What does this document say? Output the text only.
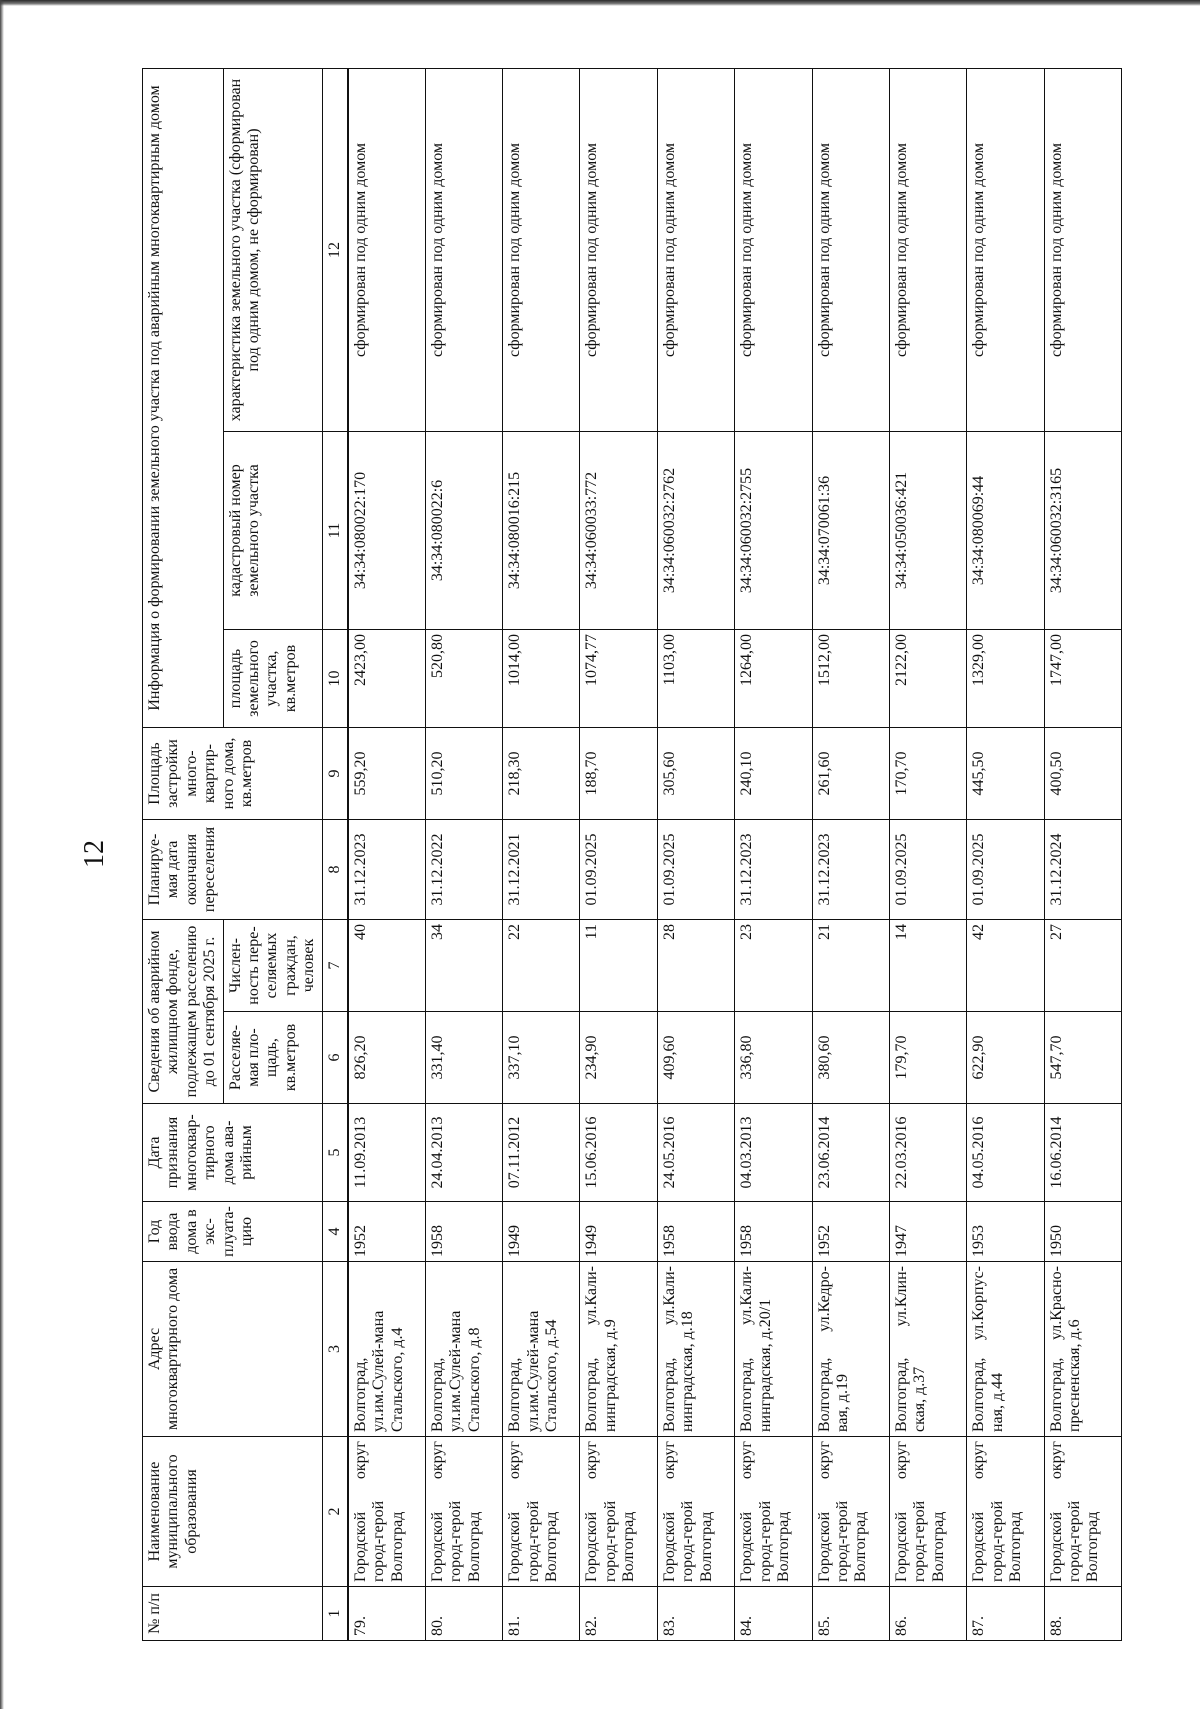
12
№ п/п	Наименование муниципального образования	Адрес многоквартирного дома	Год ввода дома в экс-плуата-цию	Дата признания многоквар-тирного дома ава-рийным	Сведения об аварийном жилищном фонде, подлежащем расселению до 01 сентября 2025 г.		Планируе-мая дата окончания переселения	Площадь застройки много-квартир-ного дома, кв.метров	Информация о формировании земельного участка под аварийным многоквартирным домом		
					Расселяе-мая пло-щадь, кв.метров	Числен-ность пере-селяемых граждан, человек			площадь земельного участка, кв.метров	кадастровый номер земельного участка	характеристика земельного участка (сформирован под одним домом, не сформирован)
1	2	3	4	5	6	7	8	9	10	11	12
79.	Городской округ город-герой Волгоград	Волгоград, ул.им.Сулей-мана Стальского, д.4	1952	11.09.2013	826,20	40	31.12.2023	559,20	2423,00	34:34:080022:170	сформирован под одним домом
80.	Городской округ город-герой Волгоград	Волгоград, ул.им.Сулей-мана Стальского, д.8	1958	24.04.2013	331,40	34	31.12.2022	510,20	520,80	34:34:080022:6	сформирован под одним домом
81.	Городской округ город-герой Волгоград	Волгоград, ул.им.Сулей-мана Стальского, д.54	1949	07.11.2012	337,10	22	31.12.2021	218,30	1014,00	34:34:080016:215	сформирован под одним домом
82.	Городской округ город-герой Волгоград	Волгоград, ул.Кали-нинградская, д.9	1949	15.06.2016	234,90	11	01.09.2025	188,70	1074,77	34:34:060033:772	сформирован под одним домом
83.	Городской округ город-герой Волгоград	Волгоград, ул.Кали-нинградская, д.18	1958	24.05.2016	409,60	28	01.09.2025	305,60	1103,00	34:34:060032:2762	сформирован под одним домом
84.	Городской округ город-герой Волгоград	Волгоград, ул.Кали-нинградская, д.20/1	1958	04.03.2013	336,80	23	31.12.2023	240,10	1264,00	34:34:060032:2755	сформирован под одним домом
85.	Городской округ город-герой Волгоград	Волгоград, ул.Кедро-вая, д.19	1952	23.06.2014	380,60	21	31.12.2023	261,60	1512,00	34:34:070061:36	сформирован под одним домом
86.	Городской округ город-герой Волгоград	Волгоград, ул.Клин-ская, д.37	1947	22.03.2016	179,70	14	01.09.2025	170,70	2122,00	34:34:050036:421	сформирован под одним домом
87.	Городской округ город-герой Волгоград	Волгоград, ул.Корпус-ная, д.44	1953	04.05.2016	622,90	42	01.09.2025	445,50	1329,00	34:34:080069:44	сформирован под одним домом
88.	Городской округ город-герой Волгоград	Волгоград, ул.Красно-пресненская, д.6	1950	16.06.2014	547,70	27	31.12.2024	400,50	1747,00	34:34:060032:3165	сформирован под одним домом
